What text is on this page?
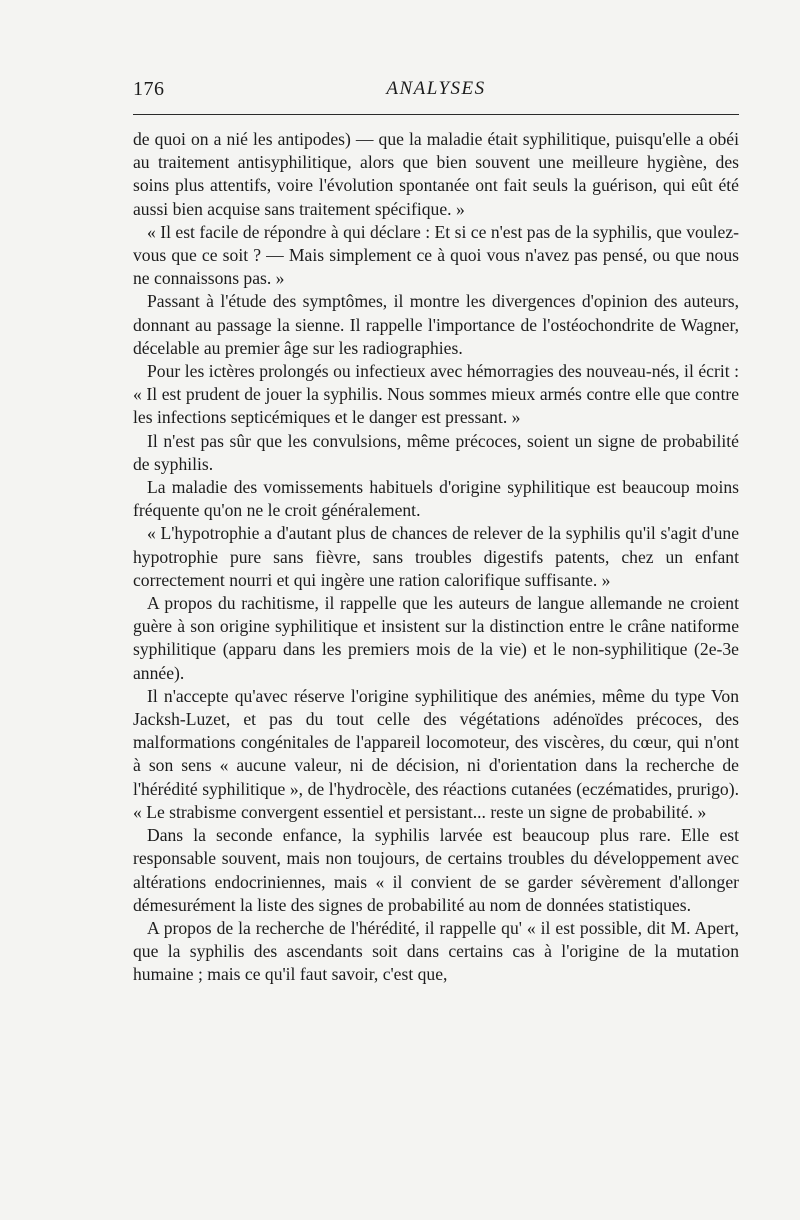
176	ANALYSES

de quoi on a nié les antipodes) — que la maladie était syphilitique, puisqu'elle a obéi au traitement antisyphilitique, alors que bien souvent une meilleure hygiène, des soins plus attentifs, voire l'évolution spontanée ont fait seuls la guérison, qui eût été aussi bien acquise sans traitement spécifique. »

« Il est facile de répondre à qui déclare : Et si ce n'est pas de la syphilis, que voulez-vous que ce soit ? — Mais simplement ce à quoi vous n'avez pas pensé, ou que nous ne connaissons pas. »

Passant à l'étude des symptômes, il montre les divergences d'opinion des auteurs, donnant au passage la sienne. Il rappelle l'importance de l'ostéochondrite de Wagner, décelable au premier âge sur les radiographies.

Pour les ictères prolongés ou infectieux avec hémorragies des nouveau-nés, il écrit : « Il est prudent de jouer la syphilis. Nous sommes mieux armés contre elle que contre les infections septicémiques et le danger est pressant. »

Il n'est pas sûr que les convulsions, même précoces, soient un signe de probabilité de syphilis.

La maladie des vomissements habituels d'origine syphilitique est beaucoup moins fréquente qu'on ne le croit généralement.

« L'hypotrophie a d'autant plus de chances de relever de la syphilis qu'il s'agit d'une hypotrophie pure sans fièvre, sans troubles digestifs patents, chez un enfant correctement nourri et qui ingère une ration calorifique suffisante. »

A propos du rachitisme, il rappelle que les auteurs de langue allemande ne croient guère à son origine syphilitique et insistent sur la distinction entre le crâne natiforme syphilitique (apparu dans les premiers mois de la vie) et le non-syphilitique (2e-3e année).

Il n'accepte qu'avec réserve l'origine syphilitique des anémies, même du type Von Jacksh-Luzet, et pas du tout celle des végétations adénoïdes précoces, des malformations congénitales de l'appareil locomoteur, des viscères, du cœur, qui n'ont à son sens « aucune valeur, ni de décision, ni d'orientation dans la recherche de l'hérédité syphilitique », de l'hydrocèle, des réactions cutanées (eczématides, prurigo). « Le strabisme convergent essentiel et persistant... reste un signe de probabilité. »

Dans la seconde enfance, la syphilis larvée est beaucoup plus rare. Elle est responsable souvent, mais non toujours, de certains troubles du développement avec altérations endocriniennes, mais « il convient de se garder sévèrement d'allonger démesurément la liste des signes de probabilité au nom de données statistiques.

A propos de la recherche de l'hérédité, il rappelle qu' « il est possible, dit M. Apert, que la syphilis des ascendants soit dans certains cas à l'origine de la mutation humaine ; mais ce qu'il faut savoir, c'est que,
